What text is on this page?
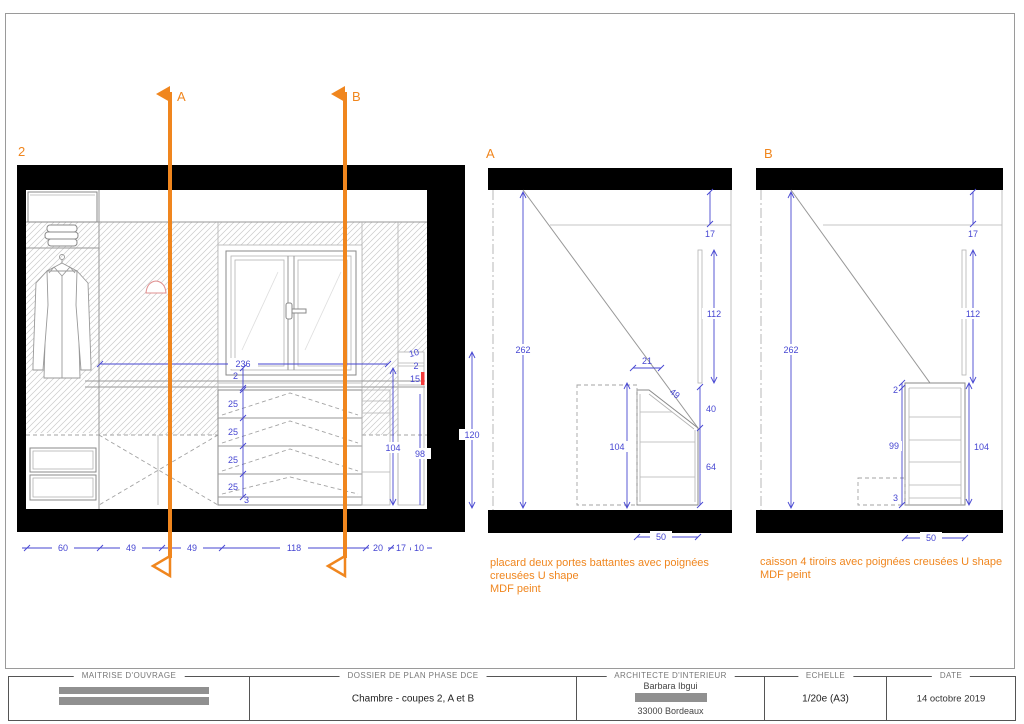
2
236
2
25
25
25
25
3
104
98
120
10
2
15
60	49	49	118	20 17 10
A
262
17
112
21
49
40
64
104
50
B
262
17
112
2
99
3
104
50
A	B
placard deux portes battantes avec poignées
creusées U shape
MDF peint
caisson 4 tiroirs avec poignées creusées U shape
MDF peint
MAITRISE D'OUVRAGE	DOSSIER DE PLAN PHASE DCE
Chambre - coupes 2, A et B
ARCHITECTE D'INTERIEUR
Barbara Ibgui
33000 Bordeaux
ECHELLE
1/20e (A3)
DATE
14 octobre 2019
